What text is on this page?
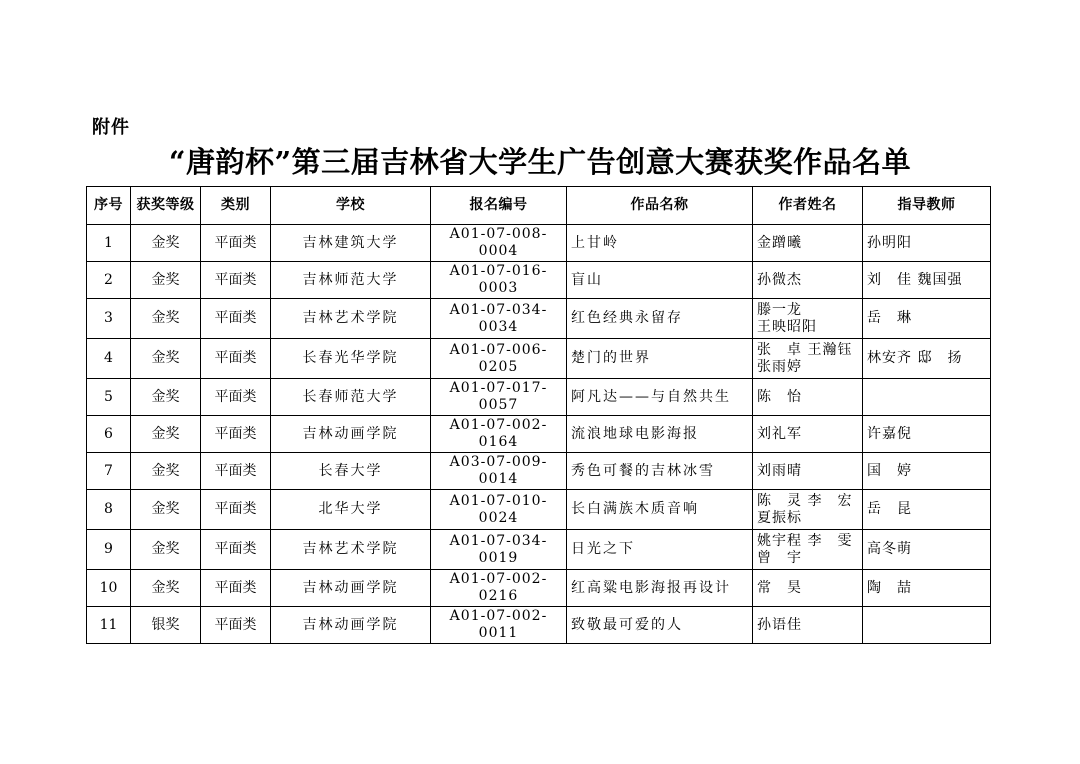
附件
“唐韵杯”第三届吉林省大学生广告创意大赛获奖作品名单
序号	获奖等级	类别	学校	报名编号	作品名称	作者姓名	指导教师
1	金奖	平面类	吉林建筑大学	A01-07-008-0004	上甘岭	金蹭曦	孙明阳
2	金奖	平面类	吉林师范大学	A01-07-016-0003	盲山	孙微杰	刘　佳 魏国强
3	金奖	平面类	吉林艺术学院	A01-07-034-0034	红色经典永留存	滕一龙
王映昭阳	岳　琳
4	金奖	平面类	长春光华学院	A01-07-006-0205	楚门的世界	张　卓 王瀚钰
张雨婷	林安齐 邸　扬
5	金奖	平面类	长春师范大学	A01-07-017-0057	阿凡达——与自然共生	陈　怡	

6	金奖	平面类	吉林动画学院	A01-07-002-0164	流浪地球电影海报	刘礼军	许嘉倪
7	金奖	平面类	长春大学	A03-07-009-0014	秀色可餐的吉林冰雪	刘雨晴	国　婷
8	金奖	平面类	北华大学	A01-07-010-0024	长白满族木质音响	陈　灵 李　宏
夏振标	岳　昆
9	金奖	平面类	吉林艺术学院	A01-07-034-0019	日光之下	姚宇程 李　雯
曾　宇	高冬萌
10	金奖	平面类	吉林动画学院	A01-07-002-0216	红高粱电影海报再设计	常　昊	陶　喆
11	银奖	平面类	吉林动画学院	A01-07-002-0011	致敬最可爱的人	孙语佳	
